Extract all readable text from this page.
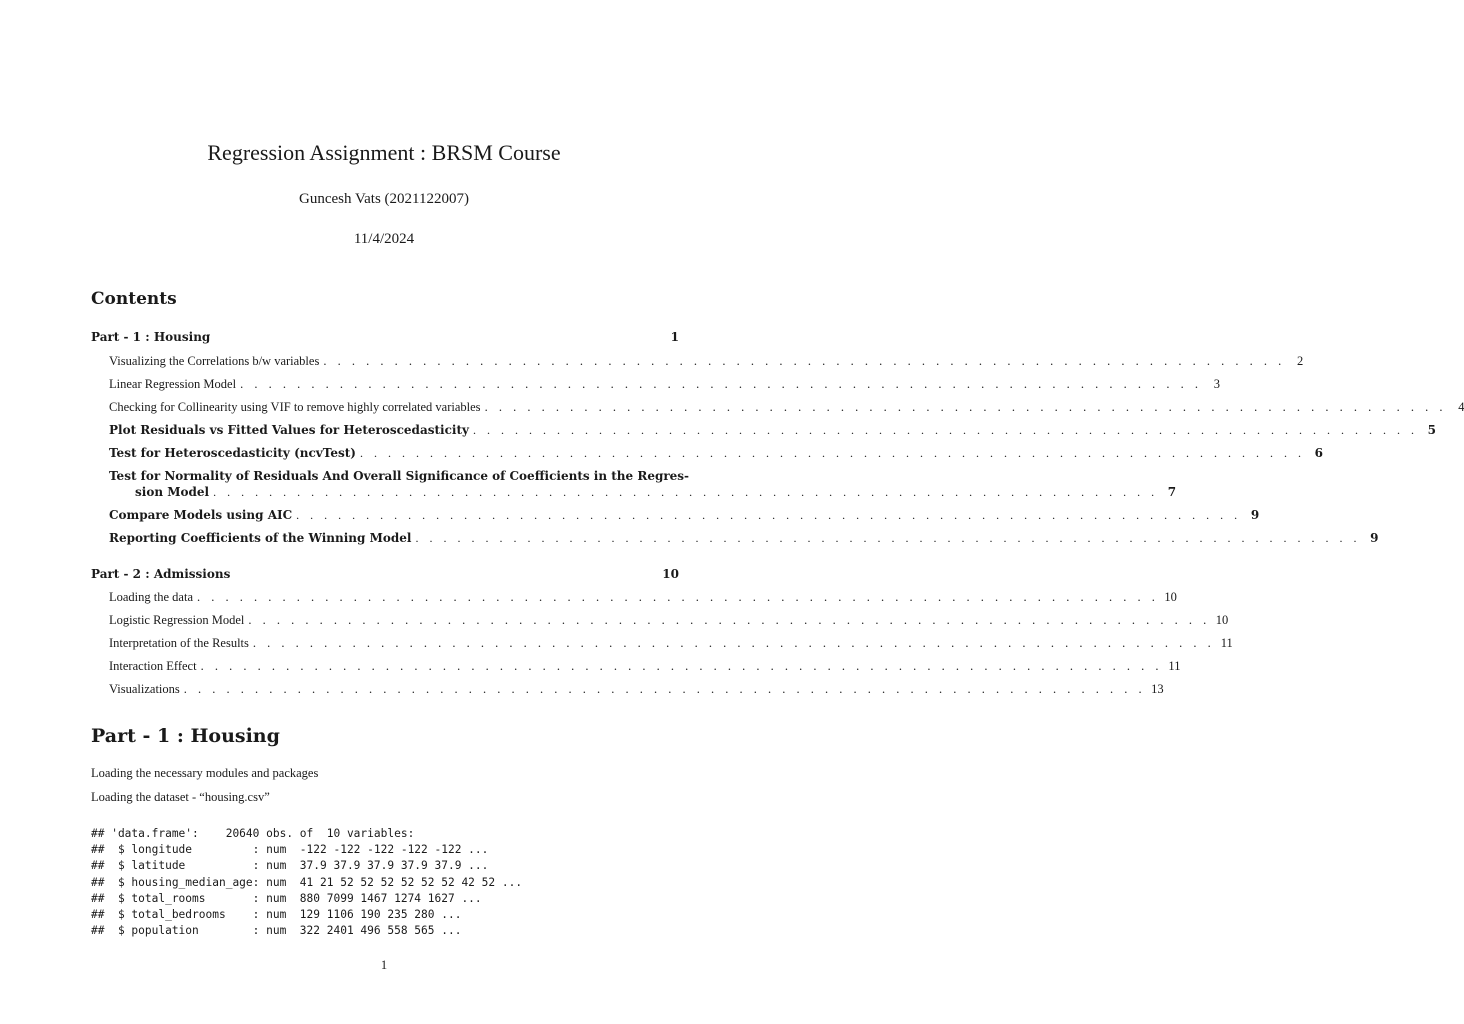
Regression Assignment : BRSM Course
Guncesh Vats (2021122007)
11/4/2024
Contents
Part - 1 : Housing	1
Visualizing the Correlations b/w variables . . . . . . . . . . . . . . . . . . . . . . . . . . . . . . . . . . . . . . . . . . . . . . . . . . . . . . . . . . . . . . . . . . . . 2
Linear Regression Model . . . . . . . . . . . . . . . . . . . . . . . . . . . . . . . . . . . . . . . . . . . . . . . . . . . . . . . . . . . . . . . . . . . . 3
Checking for Collinearity using VIF to remove highly correlated variables . . . . . . . . . . . . . . . . . . . . . . . . . . . . . . . . . . . . . . . . . . . . . . . . . . . . . . . . . . . . . . . . . . . . 4
Plot Residuals vs Fitted Values for Heteroscedasticity . . . . . . . . . . . . . . . . . . . . . . . . . . . . . . . . . . . . . . . . . . . . . . . . . . . . . . . . . . . . . . . . . . . . 5
Test for Heteroscedasticity (ncvTest) . . . . . . . . . . . . . . . . . . . . . . . . . . . . . . . . . . . . . . . . . . . . . . . . . . . . . . . . . . . . . . . . . . . . 6
Test for Normality of Residuals And Overall Significance of Coefficients in the Regres-
sion Model . . . . . . . . . . . . . . . . . . . . . . . . . . . . . . . . . . . . . . . . . . . . . . . . . . . . . . . . . . . . . . . . . . . . 7
Compare Models using AIC . . . . . . . . . . . . . . . . . . . . . . . . . . . . . . . . . . . . . . . . . . . . . . . . . . . . . . . . . . . . . . . . . . . . 9
Reporting Coefficients of the Winning Model . . . . . . . . . . . . . . . . . . . . . . . . . . . . . . . . . . . . . . . . . . . . . . . . . . . . . . . . . . . . . . . . . . . . 9
Part - 2 : Admissions	10
Loading the data . . . . . . . . . . . . . . . . . . . . . . . . . . . . . . . . . . . . . . . . . . . . . . . . . . . . . . . . . . . . . . . . . . . . 10
Logistic Regression Model . . . . . . . . . . . . . . . . . . . . . . . . . . . . . . . . . . . . . . . . . . . . . . . . . . . . . . . . . . . . . . . . . . . . 10
Interpretation of the Results . . . . . . . . . . . . . . . . . . . . . . . . . . . . . . . . . . . . . . . . . . . . . . . . . . . . . . . . . . . . . . . . . . . . 11
Interaction Effect . . . . . . . . . . . . . . . . . . . . . . . . . . . . . . . . . . . . . . . . . . . . . . . . . . . . . . . . . . . . . . . . . . . . 11
Visualizations . . . . . . . . . . . . . . . . . . . . . . . . . . . . . . . . . . . . . . . . . . . . . . . . . . . . . . . . . . . . . . . . . . . . 13
Part - 1 : Housing
Loading the necessary modules and packages
Loading the dataset - “housing.csv”
## 'data.frame':    20640 obs. of  10 variables:
##  $ longitude         : num  -122 -122 -122 -122 -122 ...
##  $ latitude          : num  37.9 37.9 37.9 37.9 37.9 ...
##  $ housing_median_age: num  41 21 52 52 52 52 52 52 42 52 ...
##  $ total_rooms       : num  880 7099 1467 1274 1627 ...
##  $ total_bedrooms    : num  129 1106 190 235 280 ...
##  $ population        : num  322 2401 496 558 565 ...
1
